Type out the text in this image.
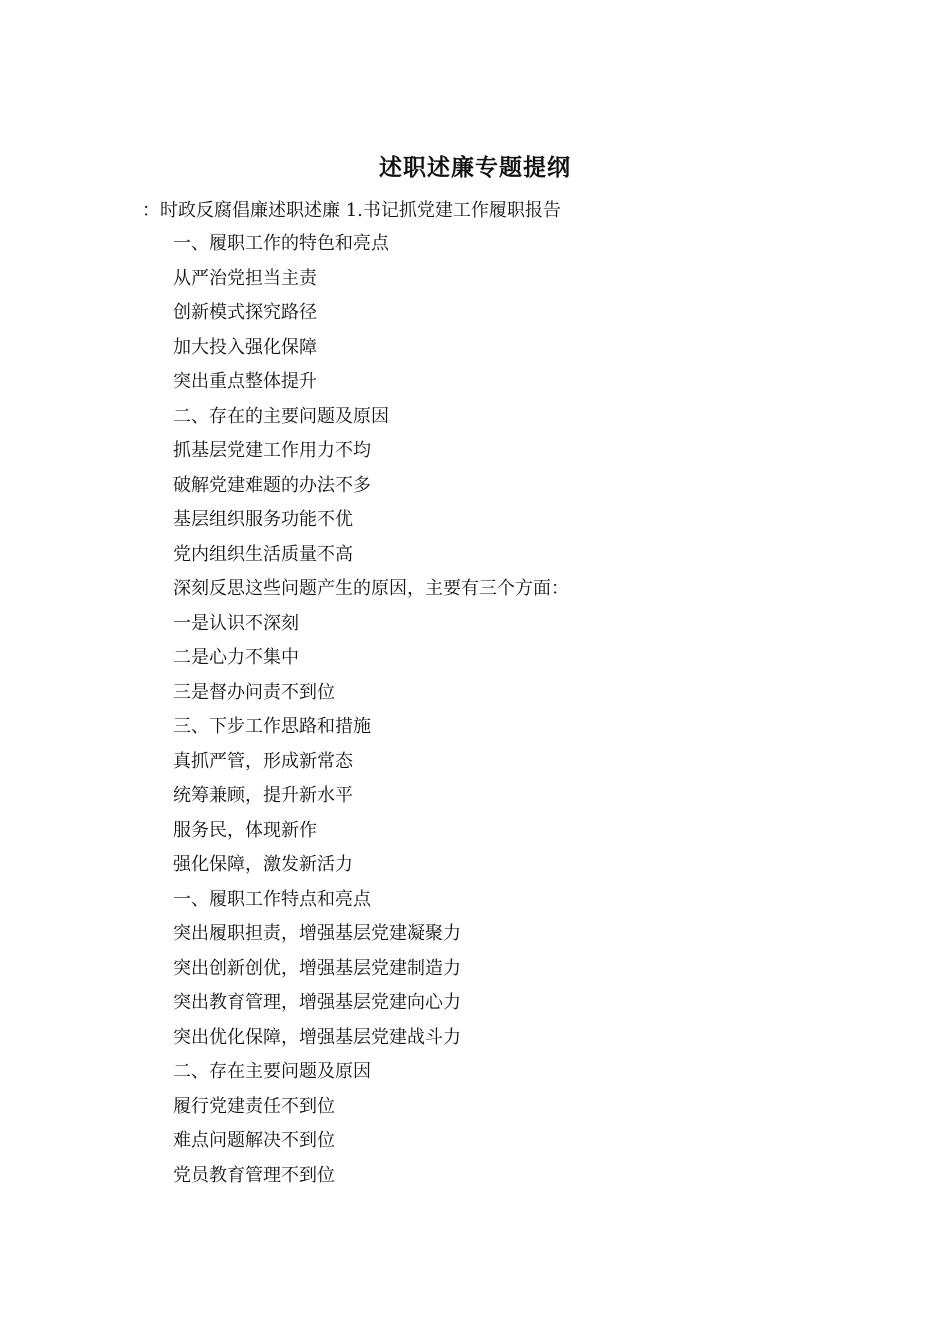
述职述廉专题提纲
：时政反腐倡廉述职述廉 1.书记抓党建工作履职报告
一、履职工作的特色和亮点
从严治党担当主责
创新模式探究路径
加大投入强化保障
突出重点整体提升
二、存在的主要问题及原因
抓基层党建工作用力不均
破解党建难题的办法不多
基层组织服务功能不优
党内组织生活质量不高
深刻反思这些问题产生的原因，主要有三个方面：
一是认识不深刻
二是心力不集中
三是督办问责不到位
三、下步工作思路和措施
真抓严管，形成新常态
统筹兼顾，提升新水平
服务民，体现新作
强化保障，激发新活力
一、履职工作特点和亮点
突出履职担责，增强基层党建凝聚力
突出创新创优，增强基层党建制造力
突出教育管理，增强基层党建向心力
突出优化保障，增强基层党建战斗力
二、存在主要问题及原因
履行党建责任不到位
难点问题解决不到位
党员教育管理不到位
